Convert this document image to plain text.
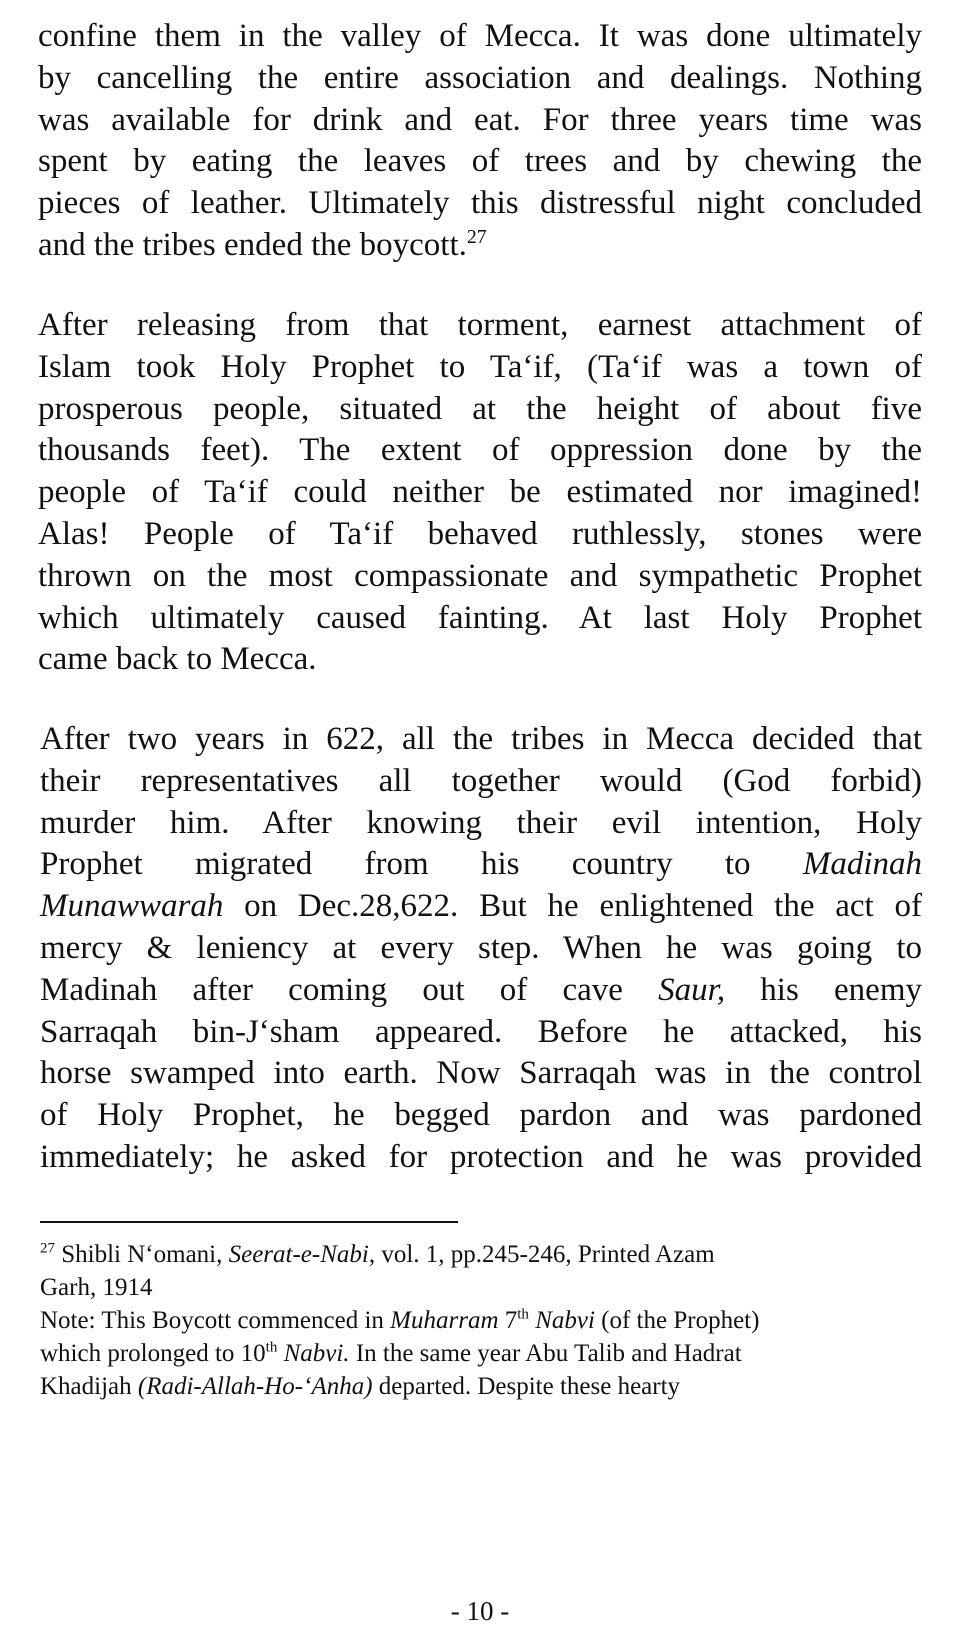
confine them in the valley of Mecca. It was done ultimately
by cancelling the entire association and dealings. Nothing
was available for drink and eat. For three years time was
spent by eating the leaves of trees and by chewing the
pieces of leather. Ultimately this distressful night concluded
and the tribes ended the boycott.$^{27}$

After releasing from that torment, earnest attachment of
Islam took Holy Prophet to Ta‘if, (Ta‘if was a town of
prosperous people, situated at the height of about five
thousands feet). The extent of oppression done by the
people of Ta‘if could neither be estimated nor imagined!
Alas! People of Ta‘if behaved ruthlessly, stones were
thrown on the most compassionate and sympathetic Prophet
which ultimately caused fainting. At last Holy Prophet
came back to Mecca.

After two years in 622, all the tribes in Mecca decided that
their representatives all together would (God forbid)
murder him. After knowing their evil intention, Holy
Prophet migrated from his country to Madinah
Munawwarah on Dec.28,622. But he enlightened the act of
mercy & leniency at every step. When he was going to
Madinah after coming out of cave Saur, his enemy
Sarraqah bin-J‘sham appeared. Before he attacked, his
horse swamped into earth. Now Sarraqah was in the control
of Holy Prophet, he begged pardon and was pardoned
immediately; he asked for protection and he was provided

$^{27}$ Shibli N‘omani, Seerat-e-Nabi, vol. 1, pp.245-246, Printed Azam
Garh, 1914

Note: This Boycott commenced in Muharram 7th Nabvi (of the Prophet)
which prolonged to 10th Nabvi. In the same year Abu Talib and Hadrat
Khadijah (Radi-Allah-Ho-‘Anha) departed. Despite these hearty

- 10 -
